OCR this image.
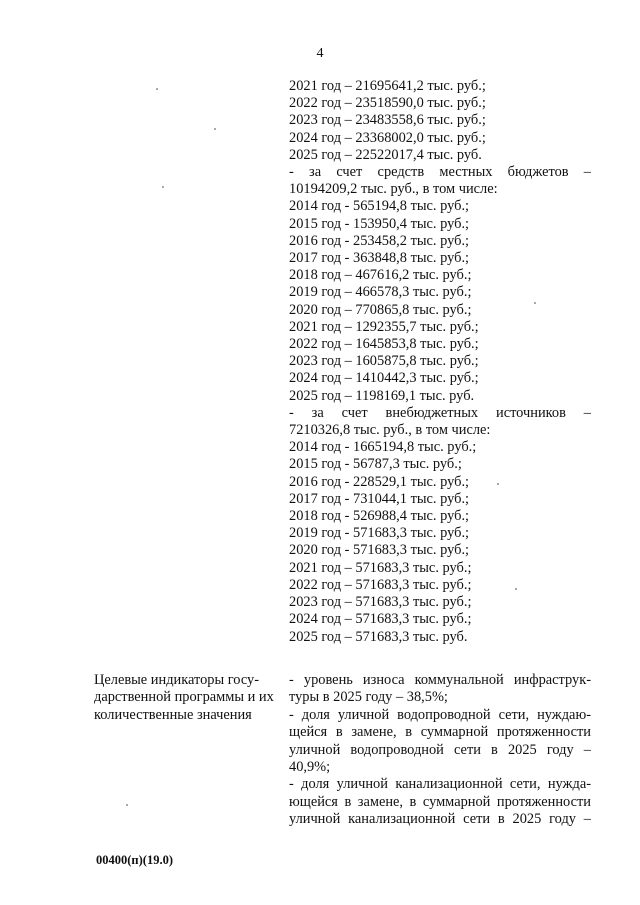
4
2021 год – 21695641,2 тыс. руб.;
2022 год – 23518590,0 тыс. руб.;
2023 год – 23483558,6 тыс. руб.;
2024 год – 23368002,0 тыс. руб.;
2025 год – 22522017,4 тыс. руб.
- за счет средств местных бюджетов –
10194209,2 тыс. руб., в том числе:
2014 год - 565194,8 тыс. руб.;
2015 год - 153950,4 тыс. руб.;
2016 год - 253458,2 тыс. руб.;
2017 год - 363848,8 тыс. руб.;
2018 год – 467616,2 тыс. руб.;
2019 год – 466578,3 тыс. руб.;
2020 год – 770865,8 тыс. руб.;
2021 год – 1292355,7 тыс. руб.;
2022 год – 1645853,8 тыс. руб.;
2023 год – 1605875,8 тыс. руб.;
2024 год – 1410442,3 тыс. руб.;
2025 год – 1198169,1 тыс. руб.
- за счет внебюджетных источников –
7210326,8 тыс. руб., в том числе:
2014 год - 1665194,8 тыс. руб.;
2015 год - 56787,3 тыс. руб.;
2016 год - 228529,1 тыс. руб.;
2017 год - 731044,1 тыс. руб.;
2018 год - 526988,4 тыс. руб.;
2019 год - 571683,3 тыс. руб.;
2020 год - 571683,3 тыс. руб.;
2021 год – 571683,3 тыс. руб.;
2022 год – 571683,3 тыс. руб.;
2023 год – 571683,3 тыс. руб.;
2024 год – 571683,3 тыс. руб.;
2025 год – 571683,3 тыс. руб.
Целевые индикаторы госу-
дарственной программы и их
количественные значения
- уровень износа коммунальной инфраструк-
туры в 2025 году – 38,5%;
- доля уличной водопроводной сети, нуждаю-
щейся в замене, в суммарной протяженности
уличной водопроводной сети в 2025 году –
40,9%;
- доля уличной канализационной сети, нужда-
ющейся в замене, в суммарной протяженности
уличной канализационной сети в 2025 году –
00400(п)(19.0)
